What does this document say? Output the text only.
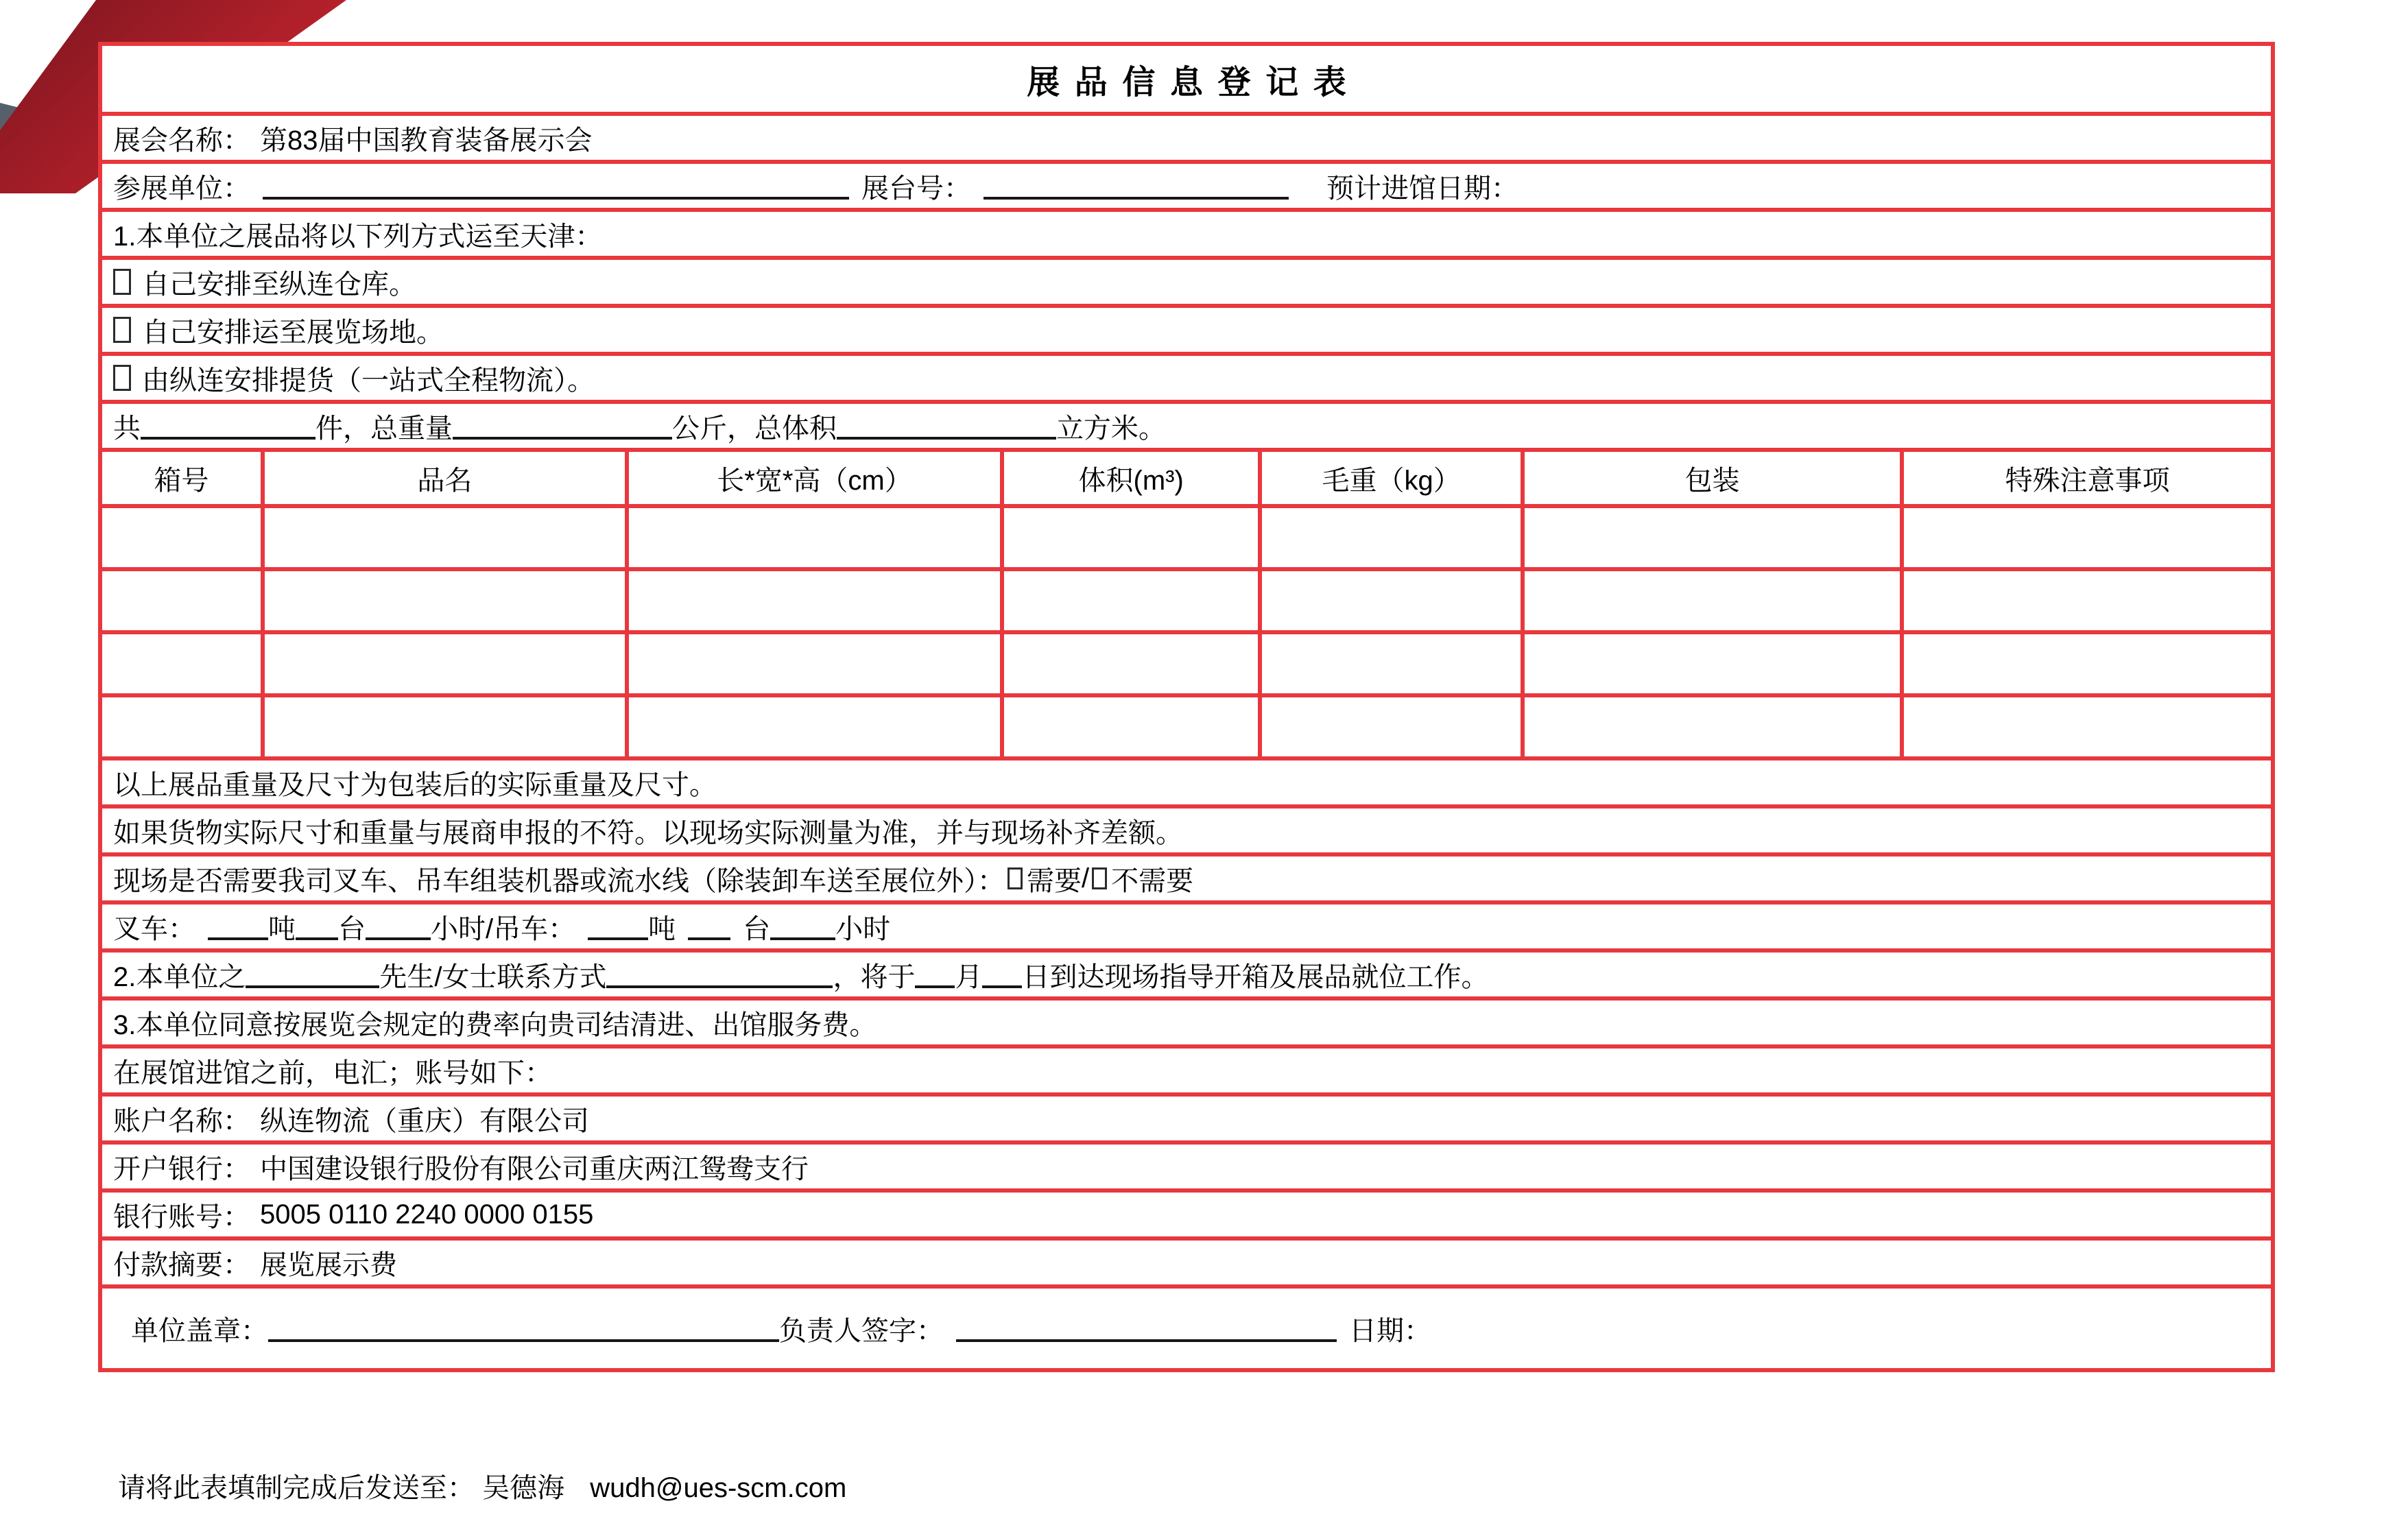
展品信息登记表
展会名称： 第83届中国教育装备展示会
参展单位：	展台号：	预计进馆日期：
1.本单位之展品将以下列方式运至天津：
自己安排至纵连仓库。
自己安排运至展览场地。
由纵连安排提货（一站式全程物流）。
共	件，总重量	公斤，总体积	立方米。
箱号	品名	长*宽*高（cm）	体积(m³)	毛重（kg）	包装	特殊注意事项
以上展品重量及尺寸为包装后的实际重量及尺寸。
如果货物实际尺寸和重量与展商申报的不符。以现场实际测量为准，并与现场补齐差额。
现场是否需要我司叉车、吊车组装机器或流水线（除装卸车送至展位外）： 需要 / 不需要
叉车：	吨 台 小时/吊车：	吨 台 小时
2.本单位之	先生/女士联系方式	，将于 月 日到达现场指导开箱及展品就位工作。
3.本单位同意按展览会规定的费率向贵司结清进、出馆服务费。
在展馆进馆之前，电汇；账号如下：
账户名称： 纵连物流（重庆）有限公司
开户银行： 中国建设银行股份有限公司重庆两江鸳鸯支行
银行账号： 5005 0110 2240 0000 0155
付款摘要： 展览展示费
单位盖章：	负责人签字：	日期：
请将此表填制完成后发送至： 吴德海 wudh@ues-scm.com
